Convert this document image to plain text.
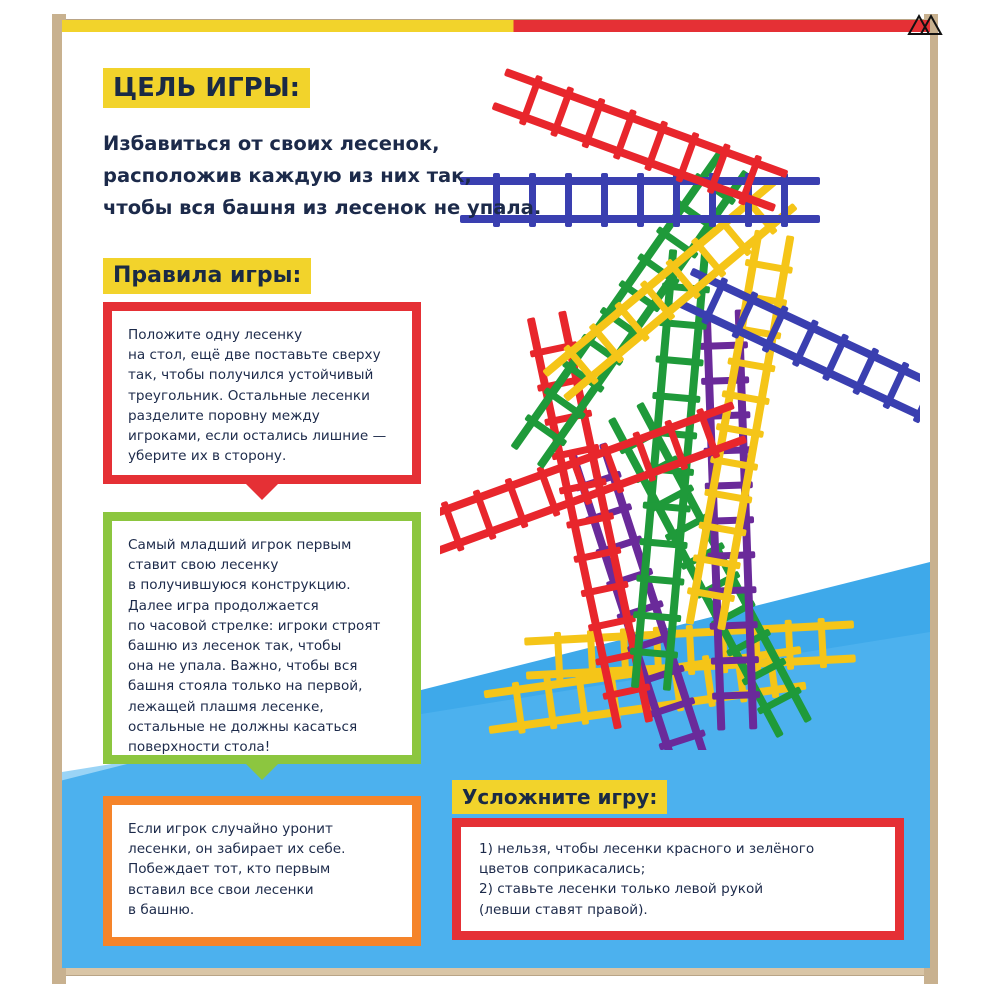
ЦЕЛЬ ИГРЫ:
Избавиться от своих лесенок,
расположив каждую из них так,
чтобы вся башня из лесенок не упала.
Правила игры:
Положите одну лесенку
на стол, ещё две поставьте сверху
так, чтобы получился устойчивый
треугольник. Остальные лесенки
разделите поровну между
игроками, если остались лишние —
уберите их в сторону.
Самый младший игрок первым
ставит свою лесенку
в получившуюся конструкцию.
Далее игра продолжается
по часовой стрелке: игроки строят
башню из лесенок так, чтобы
она не упала. Важно, чтобы вся
башня стояла только на первой,
лежащей плашмя лесенке,
остальные не должны касаться
поверхности стола!
Если игрок случайно уронит
лесенки, он забирает их себе.
Побеждает тот, кто первым
вставил все свои лесенки
в башню.
Усложните игру:
1) нельзя, чтобы лесенки красного и зелёного
цветов соприкасались;
2) ставьте лесенки только левой рукой
(левши ставят правой).
